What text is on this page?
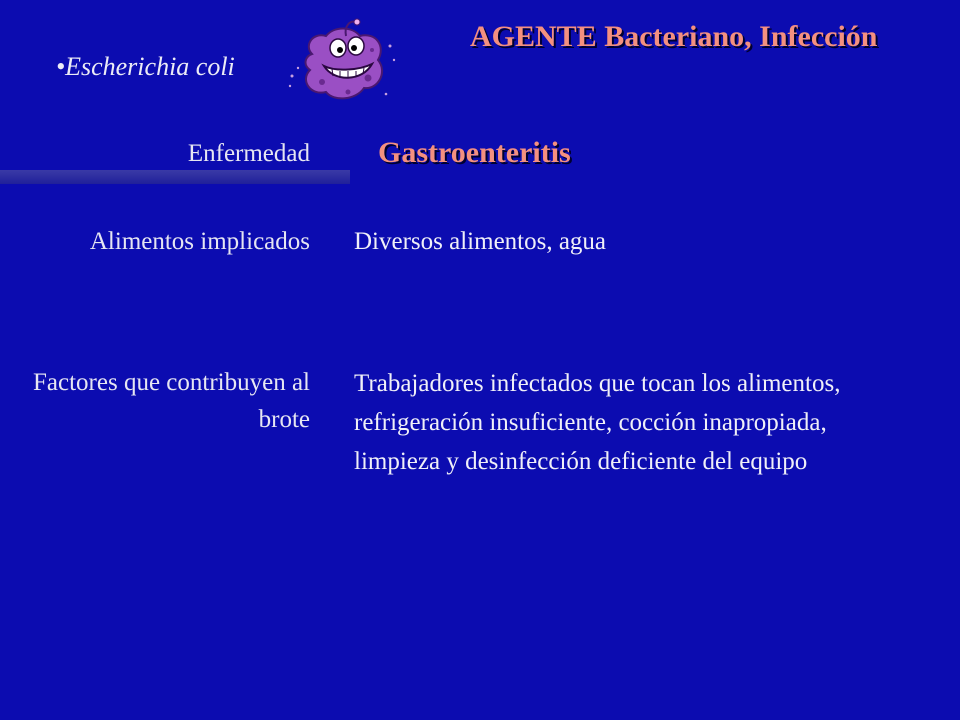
AGENTE Bacteriano, Infección
•Escherichia coli
Enfermedad Gastroenteritis
Alimentos implicados Diversos alimentos, agua
Factores que contribuyen al brote
Trabajadores infectados que tocan los alimentos, refrigeración insuficiente, cocción inapropiada, limpieza y desinfección deficiente del equipo
